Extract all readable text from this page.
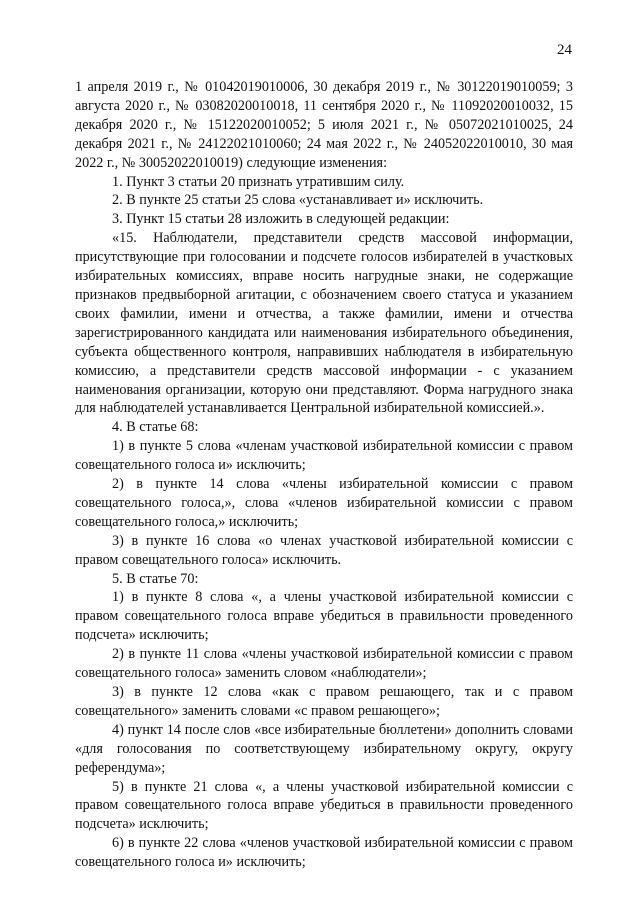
24

1 апреля 2019 г., № 01042019010006, 30 декабря 2019 г., № 30122019010059; 3 августа 2020 г., № 03082020010018, 11 сентября 2020 г., № 11092020010032, 15 декабря 2020 г., № 15122020010052; 5 июля 2021 г., № 05072021010025, 24 декабря 2021 г., № 24122021010060; 24 мая 2022 г., № 24052022010010, 30 мая 2022 г., № 30052022010019) следующие изменения:

1. Пункт 3 статьи 20 признать утратившим силу.

2. В пункте 25 статьи 25 слова «устанавливает и» исключить.

3. Пункт 15 статьи 28 изложить в следующей редакции:

«15. Наблюдатели, представители средств массовой информации, присутствующие при голосовании и подсчете голосов избирателей в участковых избирательных комиссиях, вправе носить нагрудные знаки, не содержащие признаков предвыборной агитации, с обозначением своего статуса и указанием своих фамилии, имени и отчества, а также фамилии, имени и отчества зарегистрированного кандидата или наименования избирательного объединения, субъекта общественного контроля, направивших наблюдателя в избирательную комиссию, а представители средств массовой информации - с указанием наименования организации, которую они представляют. Форма нагрудного знака для наблюдателей устанавливается Центральной избирательной комиссией.».

4. В статье 68:

1) в пункте 5 слова «членам участковой избирательной комиссии с правом совещательного голоса и» исключить;

2) в пункте 14 слова «члены избирательной комиссии с правом совещательного голоса,», слова «членов избирательной комиссии с правом совещательного голоса,» исключить;

3) в пункте 16 слова «о членах участковой избирательной комиссии с правом совещательного голоса» исключить.

5. В статье 70:

1) в пункте 8 слова «, а члены участковой избирательной комиссии с правом совещательного голоса вправе убедиться в правильности проведенного подсчета» исключить;

2) в пункте 11 слова «члены участковой избирательной комиссии с правом совещательного голоса» заменить словом «наблюдатели»;

3) в пункте 12 слова «как с правом решающего, так и с правом совещательного» заменить словами «с правом решающего»;

4) пункт 14 после слов «все избирательные бюллетени» дополнить словами «для голосования по соответствующему избирательному округу, округу референдума»;

5) в пункте 21 слова «, а члены участковой избирательной комиссии с правом совещательного голоса вправе убедиться в правильности проведенного подсчета» исключить;

6) в пункте 22 слова «членов участковой избирательной комиссии с правом совещательного голоса и» исключить;
